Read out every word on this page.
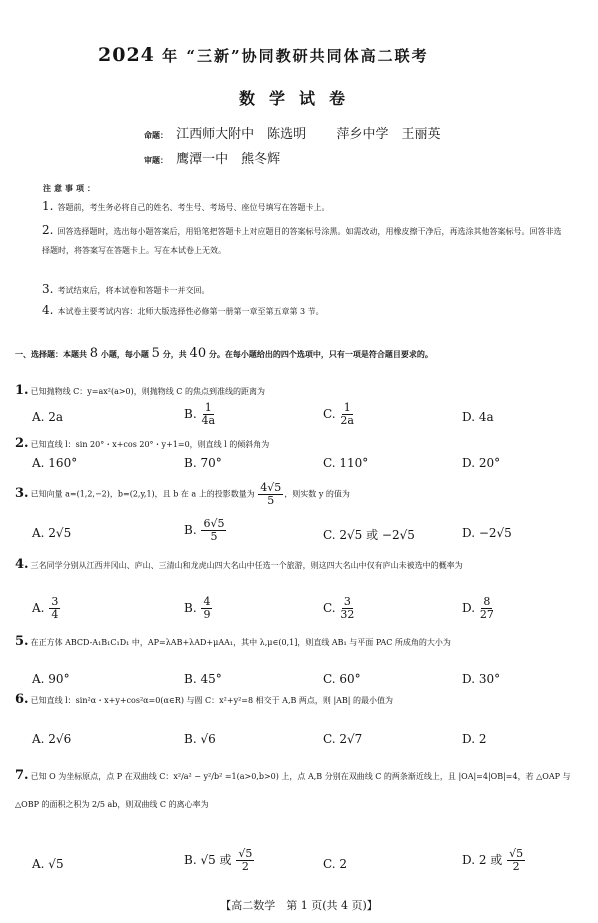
2024 年 “三新”协同教研共同体高二联考
数学试卷
命题： 江西师大附中　陈选明 萍乡中学　王丽英
审题： 鹰潭一中　熊冬辉
注意事项：
1. 答题前，考生务必将自己的姓名、考生号、考场号、座位号填写在答题卡上。
2. 回答选择题时，选出每小题答案后，用铅笔把答题卡上对应题目的答案标号涂黑。如需改动，用橡皮擦干净后，再选涂其他答案标号。回答非选择题时，将答案写在答题卡上。写在本试卷上无效。
3. 考试结束后，将本试卷和答题卡一并交回。
4. 本试卷主要考试内容：北师大版选择性必修第一册第一章至第五章第 3 节。
一、选择题：本题共 8 小题，每小题 5 分，共 40 分。在每小题给出的四个选项中，只有一项是符合题目要求的。
1. 已知抛物线 C：y=ax²(a>0)，则抛物线 C 的焦点到准线的距离为
A. 2a	B. $\frac{1}{4a}$	C. $\frac{1}{2a}$	D. 4a
2. 已知直线 l：sin 20°・x+cos 20°・y+1=0，则直线 l 的倾斜角为
A. 160°	B. 70°	C. 110°	D. 20°
3. 已知向量 a=(1,2,−2)，b=(2,y,1)，且 b 在 a 上的投影数量为 $\frac{4√5}{5}$ ，则实数 y 的值为
A. 2√5	B. $\frac{6√5}{5}$	C. 2√5 或 −2√5	D. −2√5
4. 三名同学分别从江西井冈山、庐山、三清山和龙虎山四大名山中任选一个旅游，则这四大名山中仅有庐山未被选中的概率为
A. $\frac{3}{4}$	B. $\frac{4}{9}$	C. $\frac{3}{32}$	D. $\frac{8}{27}$
5. 在正方体 ABCD-A₁B₁C₁D₁ 中，AP=λAB+λAD+μAA₁，其中 λ,μ∈(0,1]，则直线 AB₁ 与平面 PAC 所成角的大小为
A. 90°	B. 45°	C. 60°	D. 30°
6. 已知直线 l：sin²α・x+y+cos²α=0(α∈R) 与圆 C：x²+y²=8 相交于 A,B 两点，则 |AB| 的最小值为
A. 2√6	B. √6	C. 2√7	D. 2
7. 已知 O 为坐标原点，点 P 在双曲线 C：x²/a² − y²/b² =1(a>0,b>0) 上，点 A,B 分别在双曲线 C 的两条渐近线上，且 |OA|=4|OB|=4，若 △OAP 与 △OBP 的面积之积为 2/5 ab，则双曲线 C 的离心率为
A. √5	B. √5 或 $\frac{√5}{2}$	C. 2	D. 2 或 $\frac{√5}{2}$
【高二数学　第 1 页(共 4 页)】
